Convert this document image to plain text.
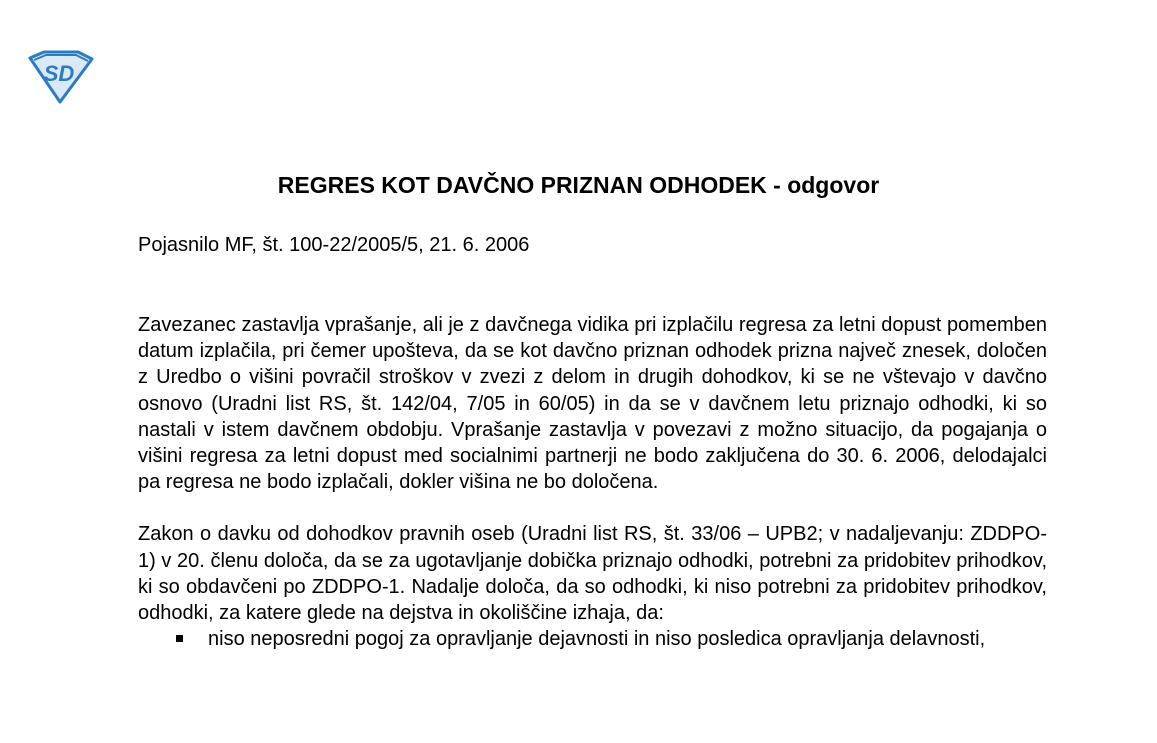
SD
REGRES KOT DAVČNO PRIZNAN ODHODEK - odgovor

Pojasnilo MF, št. 100-22/2005/5, 21. 6. 2006

Zavezanec zastavlja vprašanje, ali je z davčnega vidika pri izplačilu regresa za letni dopust pomemben datum izplačila, pri čemer upošteva, da se kot davčno priznan odhodek prizna največ znesek, določen z Uredbo o višini povračil stroškov v zvezi z delom in drugih dohodkov, ki se ne vštevajo v davčno osnovo (Uradni list RS, št. 142/04, 7/05 in 60/05) in da se v davčnem letu priznajo odhodki, ki so nastali v istem davčnem obdobju. Vprašanje zastavlja v povezavi z možno situacijo, da pogajanja o višini regresa za letni dopust med socialnimi partnerji ne bodo zaključena do 30. 6. 2006, delodajalci pa regresa ne bodo izplačali, dokler višina ne bo določena.

Zakon o davku od dohodkov pravnih oseb (Uradni list RS, št. 33/06 – UPB2; v nadaljevanju: ZDDPO-1) v 20. členu določa, da se za ugotavljanje dobička priznajo odhodki, potrebni za pridobitev prihodkov, ki so obdavčeni po ZDDPO-1. Nadalje določa, da so odhodki, ki niso potrebni za pridobitev prihodkov, odhodki, za katere glede na dejstva in okoliščine izhaja, da:

niso neposredni pogoj za opravljanje dejavnosti in niso posledica opravljanja delavnosti,
